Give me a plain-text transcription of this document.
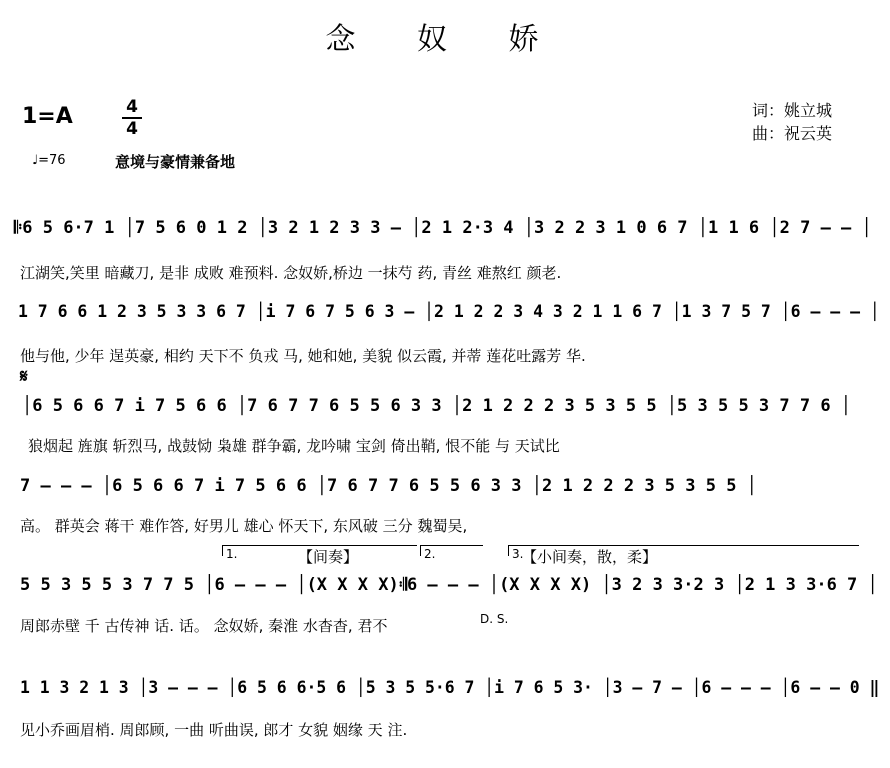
念 奴 娇
1=A	4
4
词：姚立城
曲：祝云英
♩=76	意境与豪情兼备地
𝄆6 5 6·7 1 │7 5 6 0 1 2 │3 2 1 2 3 3 – │2 1 2·3 4 │3 2 2 3 1 0 6 7 │1 1 6 │2 7 – – │
江湖笑,笑里 暗藏刀, 是非 成败 难预料. 念奴娇,桥边 一抹芍 药, 青丝 难熬红 颜老.
1 7 6 6 1 2 3 5 3 3 6 7 │i 7 6 7 5 6 3 – │2 1 2 2 3 4 3 2 1 1 6 7 │1 3 7 5 7 │6 – – – │
他与他, 少年 逞英豪, 相约 天下不 负戎 马, 她和她, 美貌 似云霞, 并蒂 莲花吐露芳 华.
𝄋
│6 5 6 6 7 i 7 5 6 6 │7 6 7 7 6 5 5 6 3 3 │2 1 2 2 2 3 5 3 5 5 │5 3 5 5 3 7 7 6 │
狼烟起 旌旗 斩烈马, 战鼓恸 枭雄 群争霸, 龙吟啸 宝剑 倚出鞘, 恨不能 与 天试比
7 – – – │6 5 6 6 7 i 7 5 6 6 │7 6 7 7 6 5 5 6 3 3 │2 1 2 2 2 3 5 3 5 5 │
高。 群英会 蒋干 难作答, 好男儿 雄心 怀天下, 东风破 三分 魏蜀吴,
1.	【间奏】	2.	3.
【小间奏，散，柔】
5 5 3 5 5 3 7 7 5 │6 – – – │(X X X X)𝄇6 – – – │(X X X X) │3 2 3 3·2 3 │2 1 3 3·6 7 │
D. S.
周郎赤壁 千 古传神 话. 话。 念奴娇, 秦淮 水杳杳, 君不
1 1 3 2 1 3 │3 – – – │6 5 6 6·5 6 │5 3 5 5·6 7 │i 7 6 5 3· │3 – 7 – │6 – – – │6 – – 0 ‖
见小乔画眉梢. 周郎顾, 一曲 听曲误, 郎才 女貌 姻缘 天 注.
